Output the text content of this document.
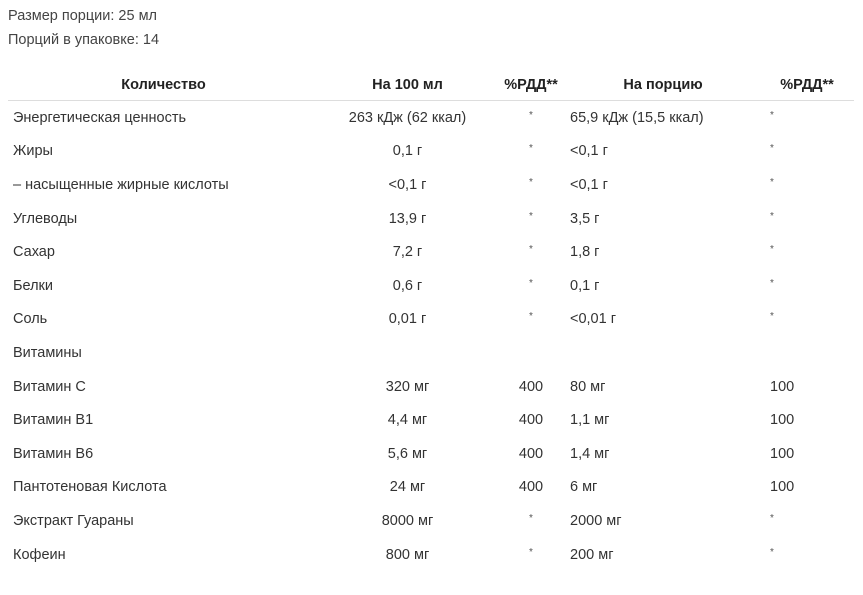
Размер порции: 25 мл
Порций в упаковке: 14
Количество	На 100 мл	%РДД**	На порцию	%РДД**
Энергетическая ценность	263 кДж (62 ккал)	*	65,9 кДж (15,5 ккал)	*
Жиры	0,1 г	*	<0,1 г	*
– насыщенные жирные кислоты	<0,1 г	*	<0,1 г	*
Углеводы	13,9 г	*	3,5 г	*
Сахар	7,2 г	*	1,8 г	*
Белки	0,6 г	*	0,1 г	*
Соль	0,01 г	*	<0,01 г	*
Витамины				
Витамин C	320 мг	400	80 мг	100
Витамин B1	4,4 мг	400	1,1 мг	100
Витамин B6	5,6 мг	400	1,4 мг	100
Пантотеновая Кислота	24 мг	400	6 мг	100
Экстракт Гуараны	8000 мг	*	2000 мг	*
Кофеин	800 мг	*	200 мг	*
